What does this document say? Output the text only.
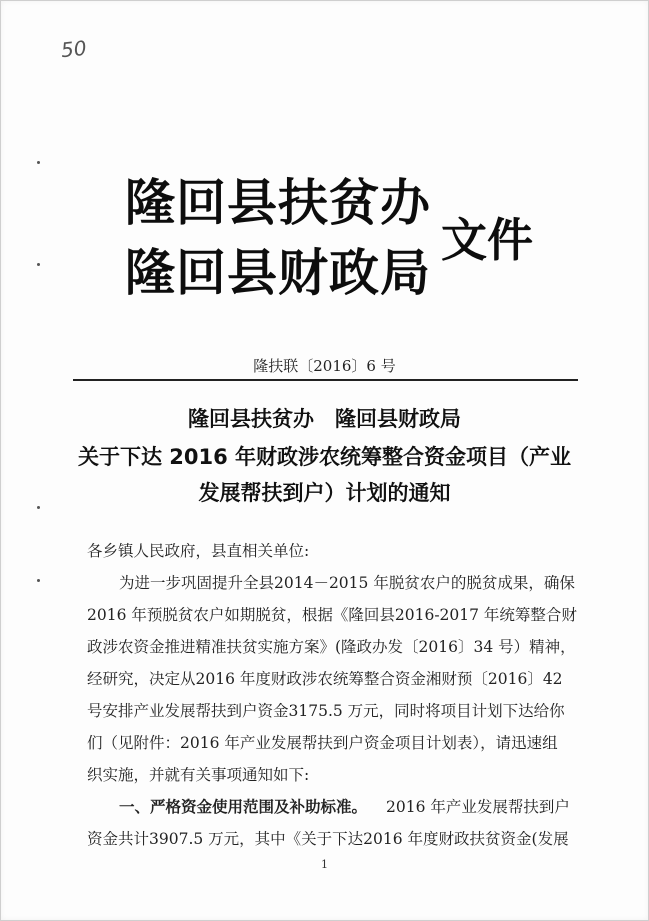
50
隆回县扶贫办
隆回县财政局
文件
隆扶联〔2016〕6 号
隆回县扶贫办　隆回县财政局
关于下达 2016 年财政涉农统筹整合资金项目（产业
发展帮扶到户）计划的通知
各乡镇人民政府，县直相关单位:
为进一步巩固提升全县2014－2015 年脱贫农户的脱贫成果，确保
2016 年预脱贫农户如期脱贫，根据《隆回县2016-2017 年统筹整合财
政涉农资金推进精准扶贫实施方案》(隆政办发〔2016〕34 号）精神，
经研究，决定从2016 年度财政涉农统筹整合资金湘财预〔2016〕42
号安排产业发展帮扶到户资金3175.5 万元，同时将项目计划下达给你
们（见附件：2016 年产业发展帮扶到户资金项目计划表），请迅速组
织实施，并就有关事项通知如下:
一、严格资金使用范围及补助标准。 2016 年产业发展帮扶到户
资金共计3907.5 万元，其中《关于下达2016 年度财政扶贫资金(发展
1
